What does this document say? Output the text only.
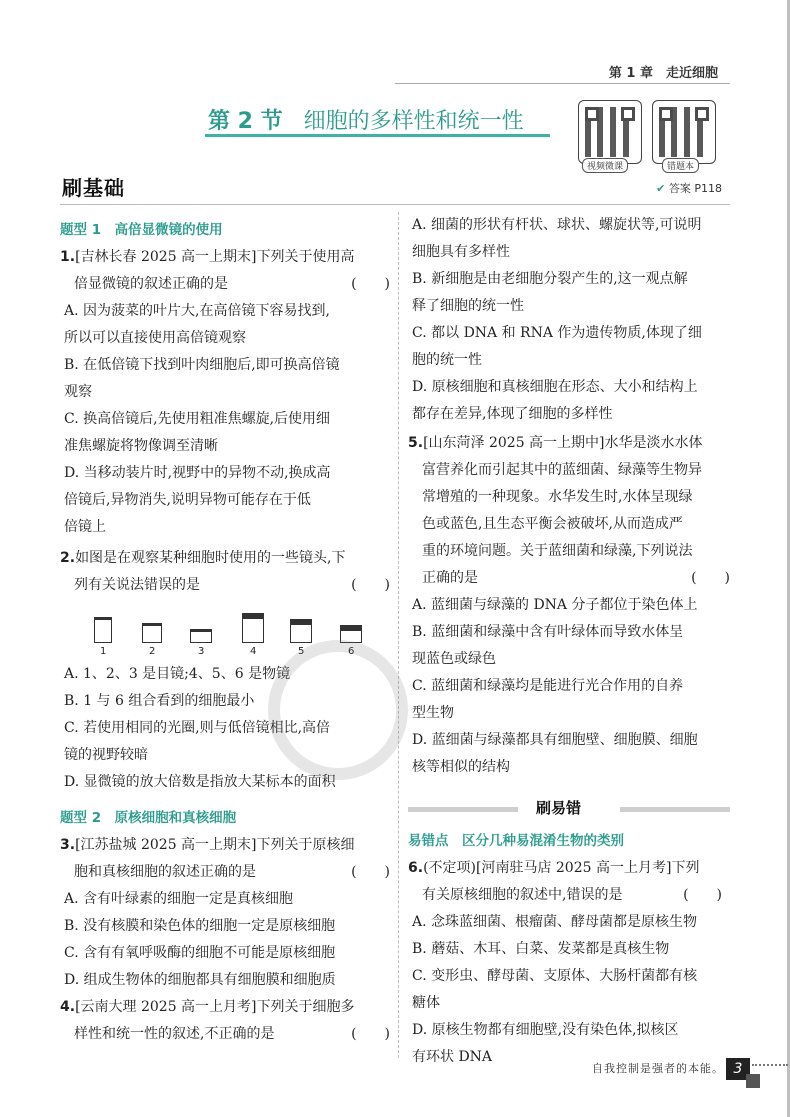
第 1 章　走近细胞
第 2 节 细胞的多样性和统一性
视频微课	错题本
刷基础	✔ 答案 P118
题型 1　高倍显微镜的使用
1.[吉林长春 2025 高一上期末]下列关于使用高
倍显微镜的叙述正确的是	(　　)
A. 因为菠菜的叶片大,在高倍镜下容易找到,
所以可以直接使用高倍镜观察
B. 在低倍镜下找到叶肉细胞后,即可换高倍镜
观察
C. 换高倍镜后,先使用粗准焦螺旋,后使用细
准焦螺旋将物像调至清晰
D. 当移动装片时,视野中的异物不动,换成高
倍镜后,异物消失,说明异物可能存在于低
倍镜上
2.如图是在观察某种细胞时使用的一些镜头,下
列有关说法错误的是	(　　)
1	2	3	4	5	6
A. 1、2、3 是目镜;4、5、6 是物镜
B. 1 与 6 组合看到的细胞最小
C. 若使用相同的光圈,则与低倍镜相比,高倍
镜的视野较暗
D. 显微镜的放大倍数是指放大某标本的面积
题型 2　原核细胞和真核细胞
3.[江苏盐城 2025 高一上期末]下列关于原核细
胞和真核细胞的叙述正确的是	(　　)
A. 含有叶绿素的细胞一定是真核细胞
B. 没有核膜和染色体的细胞一定是原核细胞
C. 含有有氧呼吸酶的细胞不可能是原核细胞
D. 组成生物体的细胞都具有细胞膜和细胞质
4.[云南大理 2025 高一上月考]下列关于细胞多
样性和统一性的叙述,不正确的是	(　　)
A. 细菌的形状有杆状、球状、螺旋状等,可说明
细胞具有多样性
B. 新细胞是由老细胞分裂产生的,这一观点解
释了细胞的统一性
C. 都以 DNA 和 RNA 作为遗传物质,体现了细
胞的统一性
D. 原核细胞和真核细胞在形态、大小和结构上
都存在差异,体现了细胞的多样性
5.[山东菏泽 2025 高一上期中]水华是淡水水体
富营养化而引起其中的蓝细菌、绿藻等生物异
常增殖的一种现象。水华发生时,水体呈现绿
色或蓝色,且生态平衡会被破坏,从而造成严
重的环境问题。关于蓝细菌和绿藻,下列说法
正确的是	(　　)
A. 蓝细菌与绿藻的 DNA 分子都位于染色体上
B. 蓝细菌和绿藻中含有叶绿体而导致水体呈
现蓝色或绿色
C. 蓝细菌和绿藻均是能进行光合作用的自养
型生物
D. 蓝细菌与绿藻都具有细胞壁、细胞膜、细胞
核等相似的结构
刷易错
易错点　区分几种易混淆生物的类别
6.(不定项)[河南驻马店 2025 高一上月考]下列
有关原核细胞的叙述中,错误的是	(　　)
A. 念珠蓝细菌、根瘤菌、酵母菌都是原核生物
B. 蘑菇、木耳、白菜、发菜都是真核生物
C. 变形虫、酵母菌、支原体、大肠杆菌都有核
糖体
D. 原核生物都有细胞壁,没有染色体,拟核区
有环状 DNA
自我控制是强者的本能。 3
